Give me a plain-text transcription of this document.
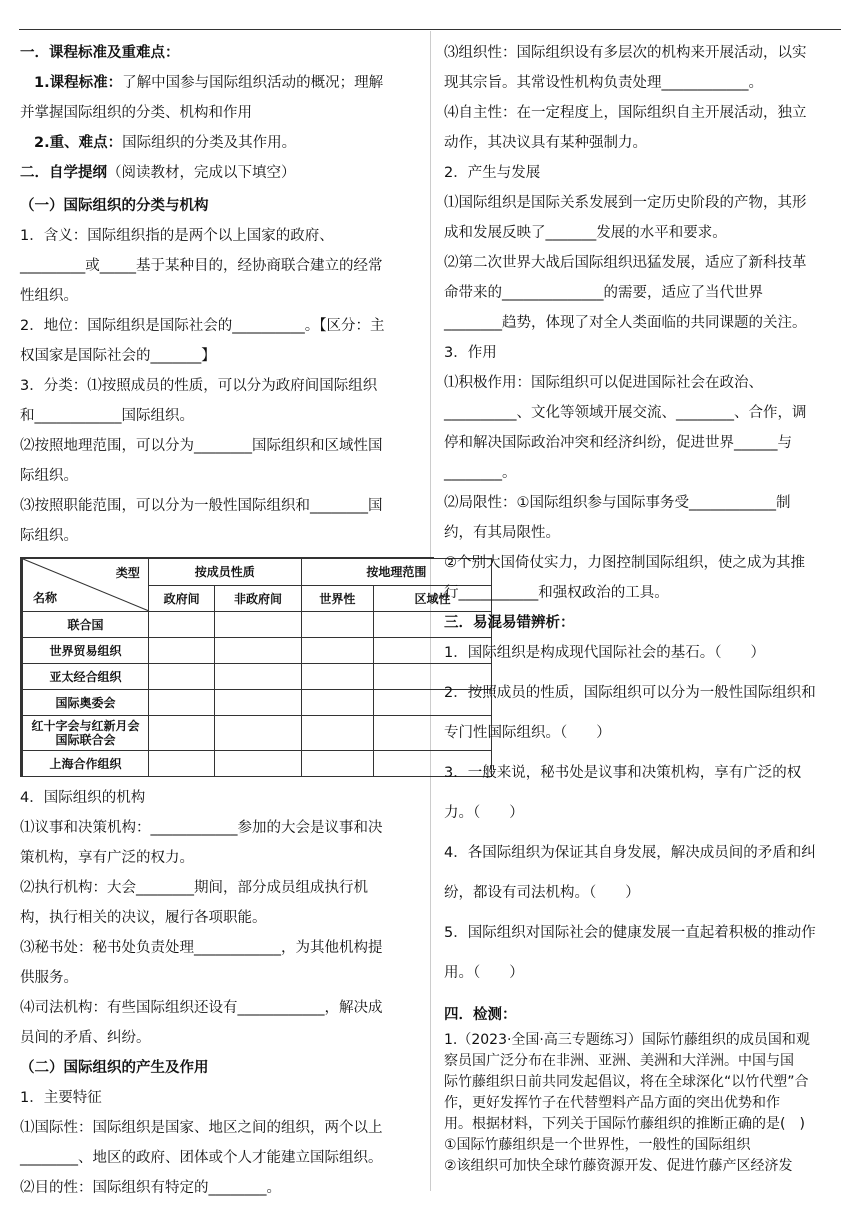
一．课程标准及重难点：
1.课程标准：了解中国参与国际组织活动的概况；理解
并掌握国际组织的分类、机构和作用
2.重、难点：国际组织的分类及其作用。
二．自学提纲（阅读教材，完成以下填空）
（一）国际组织的分类与机构
1．含义：国际组织指的是两个以上国家的政府、
_________或_____基于某种目的，经协商联合建立的经常
性组织。
2．地位：国际组织是国际社会的__________。【区分：主
权国家是国际社会的_______】
3．分类：⑴按照成员的性质，可以分为政府间国际组织
和____________国际组织。
⑵按照地理范围，可以分为________国际组织和区域性国
际组织。
⑶按照职能范围，可以分为一般性国际组织和________国
际组织。
类型
名称	按成员性质		按地理范围	
	政府间	非政府间	世界性	区域性
联合国				
世界贸易组织				
亚太经合组织				
国际奥委会				
红十字会与红新月会国际联合会				
上海合作组织				
4．国际组织的机构
⑴议事和决策机构：____________参加的大会是议事和决
策机构，享有广泛的权力。
⑵执行机构：大会________期间，部分成员组成执行机
构，执行相关的决议，履行各项职能。
⑶秘书处：秘书处负责处理____________，为其他机构提
供服务。
⑷司法机构：有些国际组织还设有____________，解决成
员间的矛盾、纠纷。
（二）国际组织的产生及作用
1．主要特征
⑴国际性：国际组织是国家、地区之间的组织，两个以上
________、地区的政府、团体或个人才能建立国际组织。
⑵目的性：国际组织有特定的________。
⑶组织性：国际组织设有多层次的机构来开展活动，以实
现其宗旨。其常设性机构负责处理____________。
⑷自主性：在一定程度上，国际组织自主开展活动，独立
动作，其决议具有某种强制力。
2．产生与发展
⑴国际组织是国际关系发展到一定历史阶段的产物，其形
成和发展反映了_______发展的水平和要求。
⑵第二次世界大战后国际组织迅猛发展，适应了新科技革
命带来的______________的需要，适应了当代世界
________趋势，体现了对全人类面临的共同课题的关注。
3．作用
⑴积极作用：国际组织可以促进国际社会在政治、
__________、文化等领域开展交流、________、合作，调
停和解决国际政治冲突和经济纠纷，促进世界______与
________。
⑵局限性：①国际组织参与国际事务受____________制
约，有其局限性。
②个别大国倚仗实力，力图控制国际组织，使之成为其推
行___________和强权政治的工具。
三．易混易错辨析：
1．国际组织是构成现代国际社会的基石。（　　）
2．按照成员的性质，国际组织可以分为一般性国际组织和
专门性国际组织。（　　）
3．一般来说，秘书处是议事和决策机构，享有广泛的权
力。（　　）
4．各国际组织为保证其自身发展，解决成员间的矛盾和纠
纷，都设有司法机构。（　　）
5．国际组织对国际社会的健康发展一直起着积极的推动作
用。（　　）
四．检测：
1.（2023·全国·高三专题练习）国际竹藤组织的成员国和观
察员国广泛分布在非洲、亚洲、美洲和大洋洲。中国与国
际竹藤组织日前共同发起倡议，将在全球深化“以竹代塑”合
作，更好发挥竹子在代替塑料产品方面的突出优势和作
用。根据材料，下列关于国际竹藤组织的推断正确的是(　)
①国际竹藤组织是一个世界性，一般性的国际组织
②该组织可加快全球竹藤资源开发、促进竹藤产区经济发
